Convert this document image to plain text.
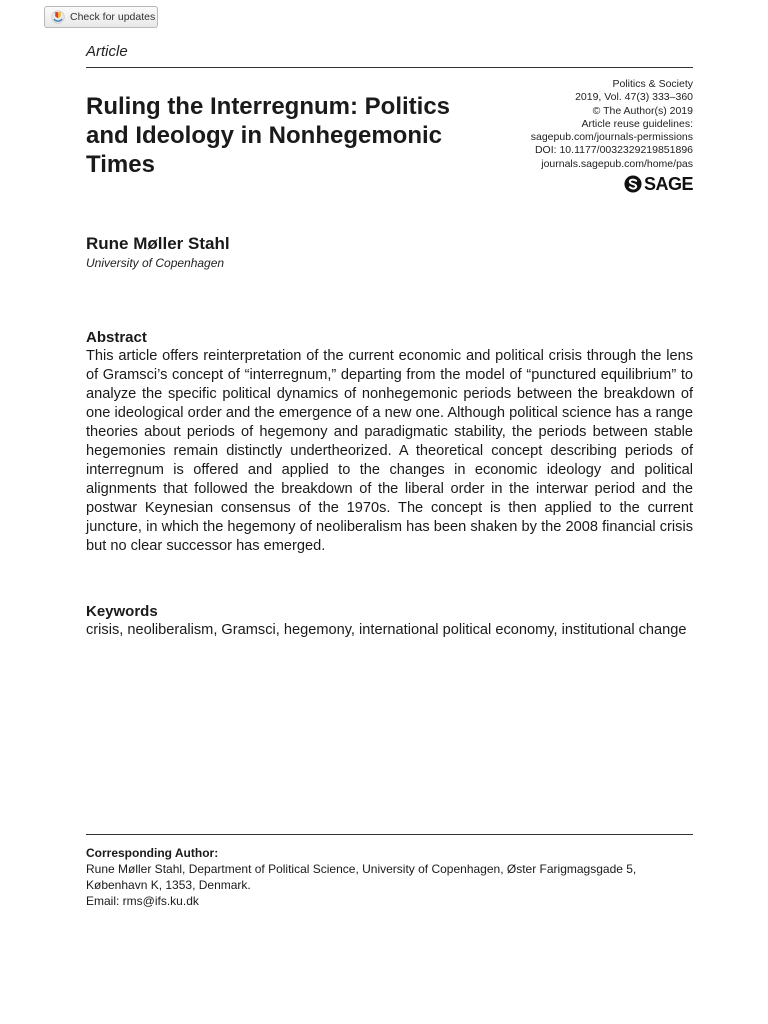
Check for updates
Article
Ruling the Interregnum: Politics and Ideology in Nonhegemonic Times
Politics & Society
2019, Vol. 47(3) 333–360
© The Author(s) 2019
Article reuse guidelines:
sagepub.com/journals-permissions
DOI: 10.1177/0032329219851896
journals.sagepub.com/home/pas
SAGE
Rune Møller Stahl
University of Copenhagen
Abstract

This article offers reinterpretation of the current economic and political crisis through the lens of Gramsci’s concept of “interregnum,” departing from the model of “punctured equilibrium” to analyze the specific political dynamics of nonhegemonic periods between the breakdown of one ideological order and the emergence of a new one. Although political science has a range theories about periods of hegemony and paradigmatic stability, the periods between stable hegemonies remain distinctly undertheorized. A theoretical concept describing periods of interregnum is offered and applied to the changes in economic ideology and political alignments that followed the breakdown of the liberal order in the interwar period and the postwar Keynesian consensus of the 1970s. The concept is then applied to the current juncture, in which the hegemony of neoliberalism has been shaken by the 2008 financial crisis but no clear successor has emerged.

Keywords

crisis, neoliberalism, Gramsci, hegemony, international political economy, institutional change

Corresponding Author:
Rune Møller Stahl, Department of Political Science, University of Copenhagen, Øster Farigmagsgade 5, København K, 1353, Denmark.
Email: rms@ifs.ku.dk
